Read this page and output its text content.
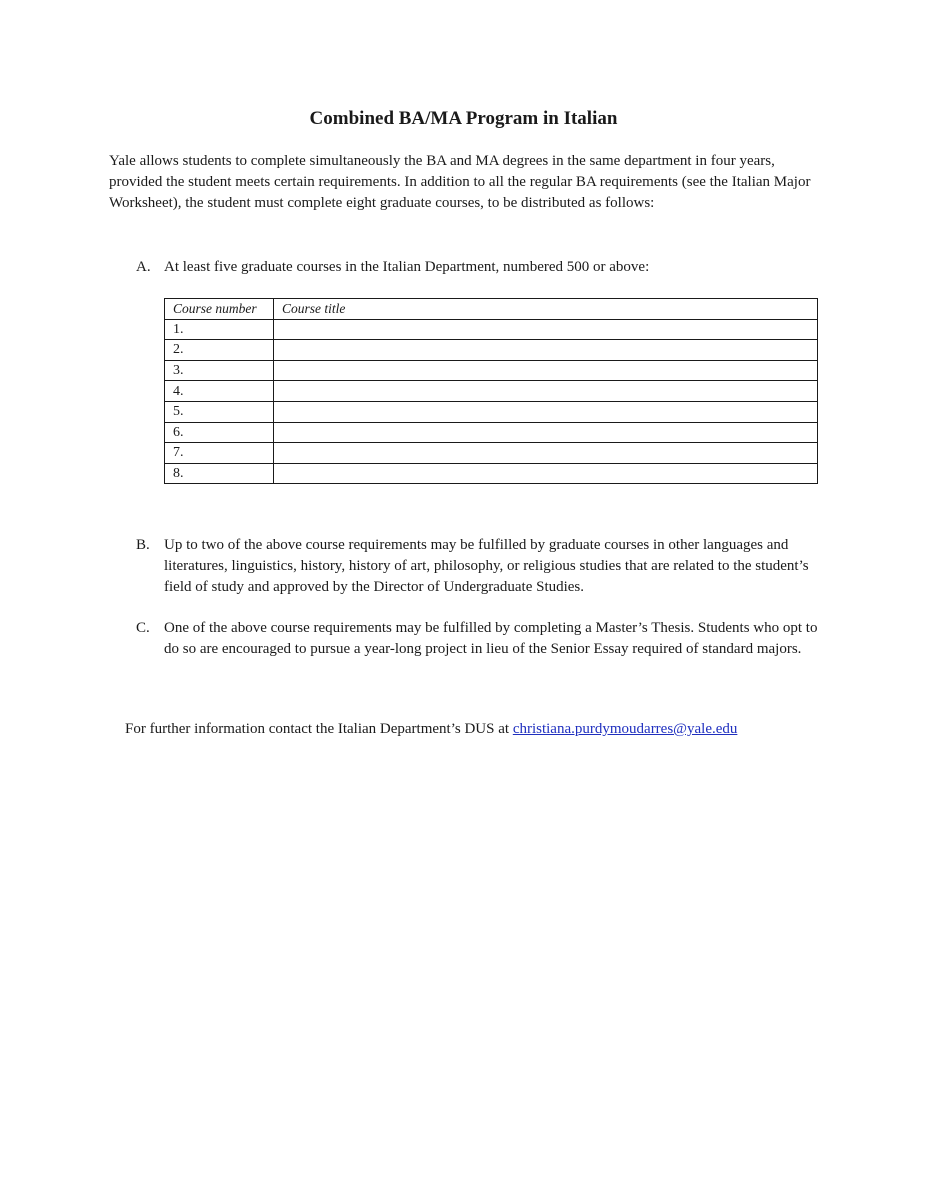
Combined BA/MA Program in Italian

Yale allows students to complete simultaneously the BA and MA degrees in the same department in four years, provided the student meets certain requirements. In addition to all the regular BA requirements (see the Italian Major Worksheet), the student must complete eight graduate courses, to be distributed as follows:

A. At least five graduate courses in the Italian Department, numbered 500 or above:
Course number	Course title
1.	
2.	
3.	
4.	
5.	
6.	
7.	
8.	
B. Up to two of the above course requirements may be fulfilled by graduate courses in other languages and literatures, linguistics, history, history of art, philosophy, or religious studies that are related to the student’s field of study and approved by the Director of Undergraduate Studies.
C. One of the above course requirements may be fulfilled by completing a Master’s Thesis. Students who opt to do so are encouraged to pursue a year-long project in lieu of the Senior Essay required of standard majors.
For further information contact the Italian Department’s DUS at christiana.purdymoudarres@yale.edu
